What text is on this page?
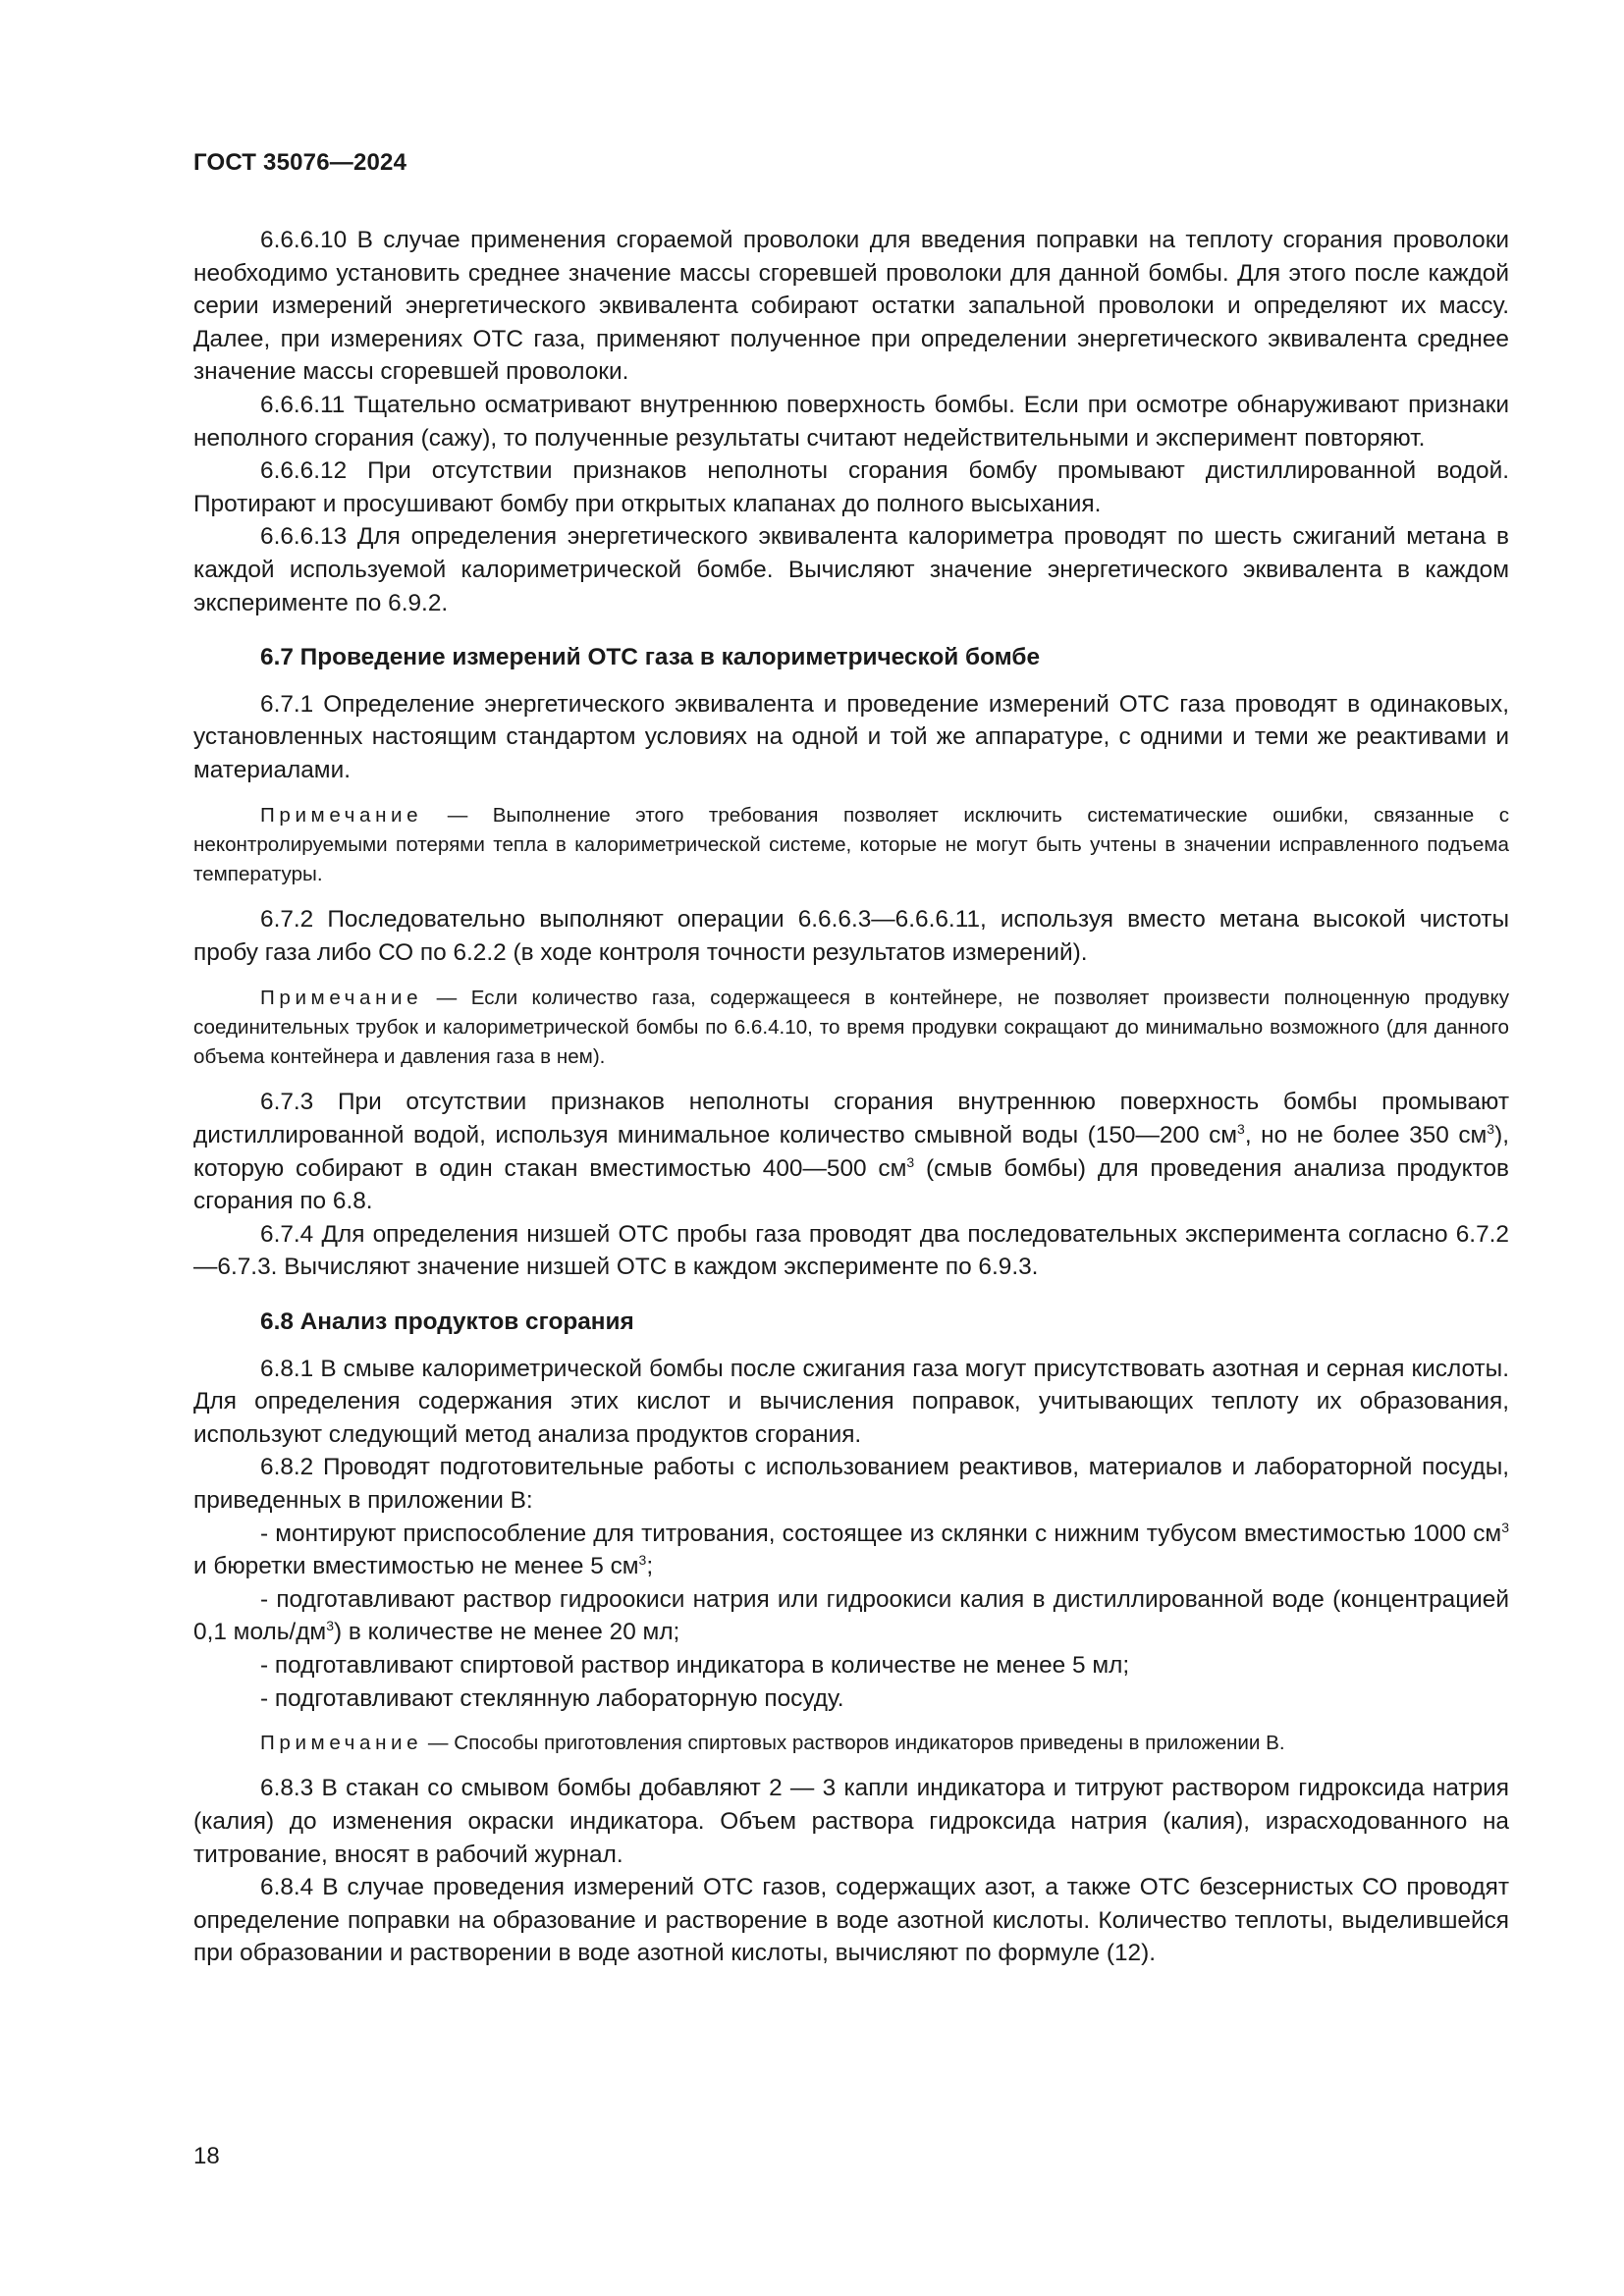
ГОСТ 35076—2024

6.6.6.10 В случае применения сгораемой проволоки для введения поправки на теплоту сгорания проволоки необходимо установить среднее значение массы сгоревшей проволоки для данной бомбы. Для этого после каждой серии измерений энергетического эквивалента собирают остатки запальной проволоки и определяют их массу. Далее, при измерениях ОТС газа, применяют полученное при определении энергетического эквивалента среднее значение массы сгоревшей проволоки.

6.6.6.11 Тщательно осматривают внутреннюю поверхность бомбы. Если при осмотре обнаруживают признаки неполного сгорания (сажу), то полученные результаты считают недействительными и эксперимент повторяют.

6.6.6.12 При отсутствии признаков неполноты сгорания бомбу промывают дистиллированной водой. Протирают и просушивают бомбу при открытых клапанах до полного высыхания.

6.6.6.13 Для определения энергетического эквивалента калориметра проводят по шесть сжиганий метана в каждой используемой калориметрической бомбе. Вычисляют значение энергетического эквивалента в каждом эксперименте по 6.9.2.

6.7 Проведение измерений ОТС газа в калориметрической бомбе

6.7.1 Определение энергетического эквивалента и проведение измерений ОТС газа проводят в одинаковых, установленных настоящим стандартом условиях на одной и той же аппаратуре, с одними и теми же реактивами и материалами.

Примечание — Выполнение этого требования позволяет исключить систематические ошибки, связанные с неконтролируемыми потерями тепла в калориметрической системе, которые не могут быть учтены в значении исправленного подъема температуры.

6.7.2 Последовательно выполняют операции 6.6.6.3—6.6.6.11, используя вместо метана высокой чистоты пробу газа либо СО по 6.2.2 (в ходе контроля точности результатов измерений).

Примечание — Если количество газа, содержащееся в контейнере, не позволяет произвести полноценную продувку соединительных трубок и калориметрической бомбы по 6.6.4.10, то время продувки сокращают до минимально возможного (для данного объема контейнера и давления газа в нем).

6.7.3 При отсутствии признаков неполноты сгорания внутреннюю поверхность бомбы промывают дистиллированной водой, используя минимальное количество смывной воды (150—200 $см^3$, но не более 350 $см^3$), которую собирают в один стакан вместимостью 400—500 $см^3$ (смыв бомбы) для проведения анализа продуктов сгорания по 6.8.

6.7.4 Для определения низшей ОТС пробы газа проводят два последовательных эксперимента согласно 6.7.2—6.7.3. Вычисляют значение низшей ОТС в каждом эксперименте по 6.9.3.

6.8 Анализ продуктов сгорания

6.8.1 В смыве калориметрической бомбы после сжигания газа могут присутствовать азотная и серная кислоты. Для определения содержания этих кислот и вычисления поправок, учитывающих теплоту их образования, используют следующий метод анализа продуктов сгорания.

6.8.2 Проводят подготовительные работы с использованием реактивов, материалов и лабораторной посуды, приведенных в приложении В:

- монтируют приспособление для титрования, состоящее из склянки с нижним тубусом вместимостью 1000 $см^3$ и бюретки вместимостью не менее 5 $см^3$;

- подготавливают раствор гидроокиси натрия или гидроокиси калия в дистиллированной воде (концентрацией 0,1 моль/$дм^3$) в количестве не менее 20 мл;

- подготавливают спиртовой раствор индикатора в количестве не менее 5 мл;

- подготавливают стеклянную лабораторную посуду.

Примечание — Способы приготовления спиртовых растворов индикаторов приведены в приложении В.

6.8.3 В стакан со смывом бомбы добавляют 2 — 3 капли индикатора и титруют раствором гидроксида натрия (калия) до изменения окраски индикатора. Объем раствора гидроксида натрия (калия), израсходованного на титрование, вносят в рабочий журнал.

6.8.4 В случае проведения измерений ОТС газов, содержащих азот, а также ОТС безсернистых СО проводят определение поправки на образование и растворение в воде азотной кислоты. Количество теплоты, выделившейся при образовании и растворении в воде азотной кислоты, вычисляют по формуле (12).

18
